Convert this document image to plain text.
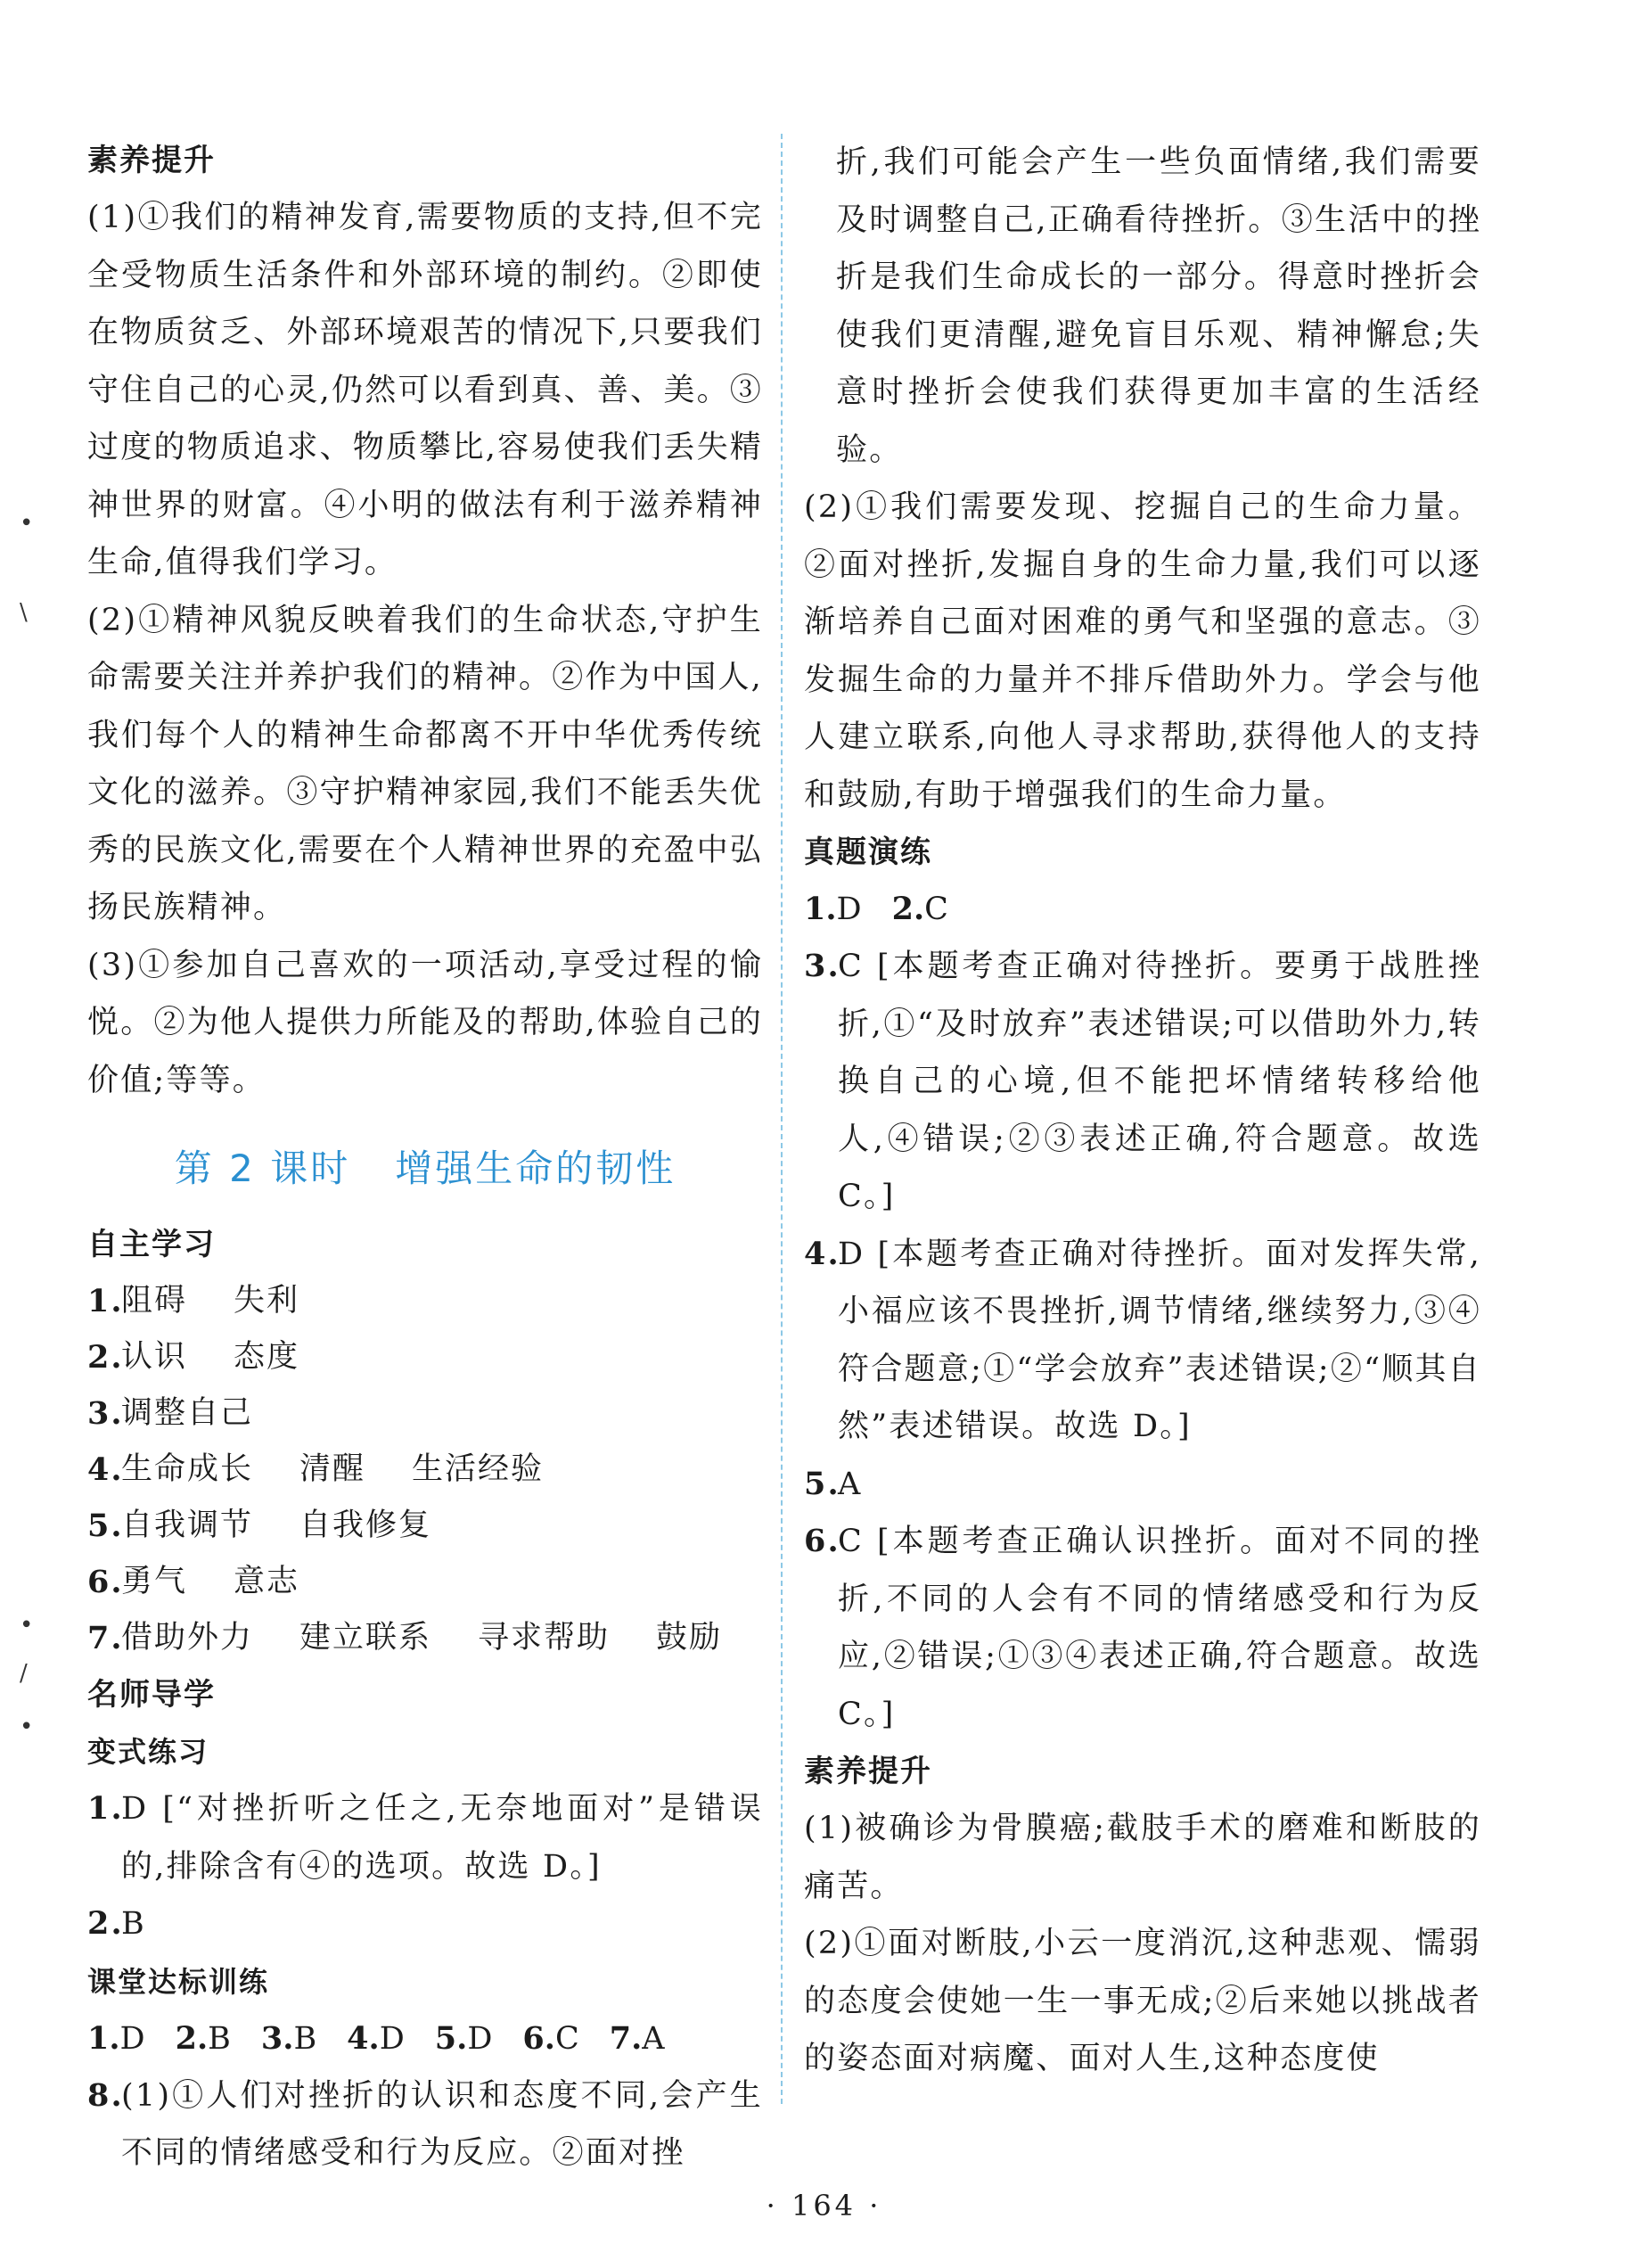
•
\
•
/
•
素养提升

(1)①我们的精神发育,需要物质的支持,但不完全受物质生活条件和外部环境的制约。②即使在物质贫乏、外部环境艰苦的情况下,只要我们守住自己的心灵,仍然可以看到真、善、美。③过度的物质追求、物质攀比,容易使我们丢失精神世界的财富。④小明的做法有利于滋养精神生命,值得我们学习。

(2)①精神风貌反映着我们的生命状态,守护生命需要关注并养护我们的精神。②作为中国人,我们每个人的精神生命都离不开中华优秀传统文化的滋养。③守护精神家园,我们不能丢失优秀的民族文化,需要在个人精神世界的充盈中弘扬民族精神。

(3)①参加自己喜欢的一项活动,享受过程的愉悦。②为他人提供力所能及的帮助,体验自己的价值;等等。

第 2 课时 增强生命的韧性
自主学习
1.
阻碍 失利
2.
认识 态度
3.
调整自己
4.
生命成长 清醒 生活经验
5.
自我调节 自我修复
6.
勇气 意志
7.
借助外力 建立联系 寻求帮助 鼓励
名师导学
变式练习
1.
D [“对挫折听之任之,无奈地面对”是错误的,排除含有④的选项。故选 D。]
2.
B
课堂达标训练
1.D 2.B 3.B 4.D 5.D 6.C 7.A
8.
(1)①人们对挫折的认识和态度不同,会产生不同的情绪感受和行为反应。②面对挫

折,我们可能会产生一些负面情绪,我们需要及时调整自己,正确看待挫折。③生活中的挫折是我们生命成长的一部分。得意时挫折会使我们更清醒,避免盲目乐观、精神懈怠;失意时挫折会使我们获得更加丰富的生活经验。

(2)①我们需要发现、挖掘自己的生命力量。②面对挫折,发掘自身的生命力量,我们可以逐渐培养自己面对困难的勇气和坚强的意志。③发掘生命的力量并不排斥借助外力。学会与他人建立联系,向他人寻求帮助,获得他人的支持和鼓励,有助于增强我们的生命力量。

真题演练
1.D 2.C
3.
C [本题考查正确对待挫折。要勇于战胜挫折,①“及时放弃”表述错误;可以借助外力,转换自己的心境,但不能把坏情绪转移给他人,④错误;②③表述正确,符合题意。故选 C。]
4.
D [本题考查正确对待挫折。面对发挥失常,小福应该不畏挫折,调节情绪,继续努力,③④符合题意;①“学会放弃”表述错误;②“顺其自然”表述错误。故选 D。]
5.
A
6.
C [本题考查正确认识挫折。面对不同的挫折,不同的人会有不同的情绪感受和行为反应,②错误;①③④表述正确,符合题意。故选 C。]
素养提升

(1)被确诊为骨膜癌;截肢手术的磨难和断肢的痛苦。

(2)①面对断肢,小云一度消沉,这种悲观、懦弱的态度会使她一生一事无成;②后来她以挑战者的姿态面对病魔、面对人生,这种态度使

· 164 ·
